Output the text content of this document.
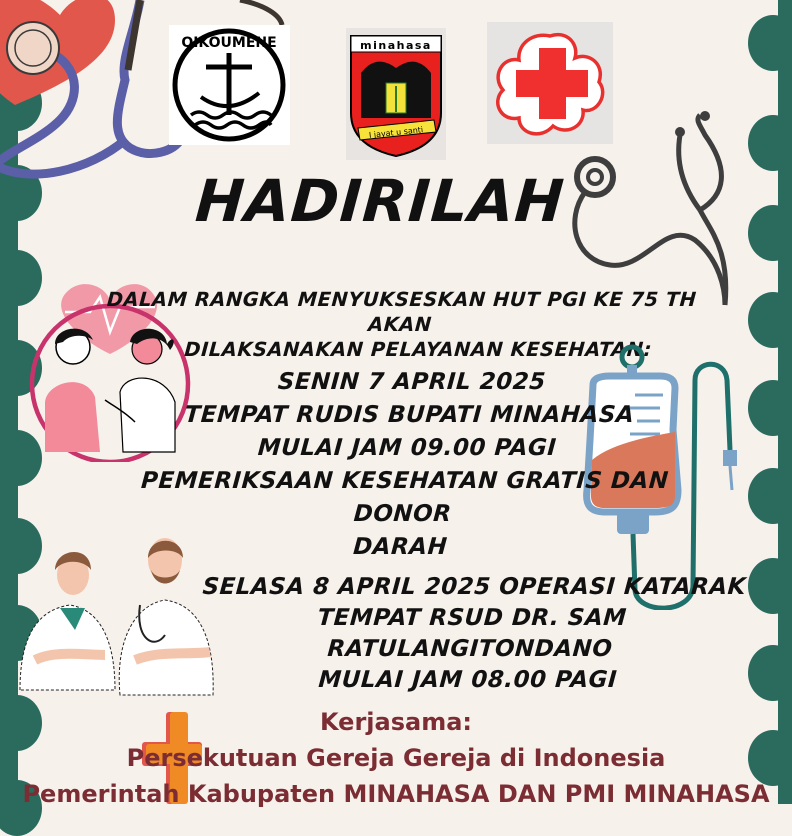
OIKOUMENE	minahasa
I jayat u santi
HADIRILAH
DALAM RANGKA MENYUKSESKAN HUT PGI KE 75 TH AKAN
DILAKSANAKAN PELAYANAN KESEHATAN:
SENIN 7 APRIL 2025
TEMPAT RUDIS BUPATI MINAHASA
MULAI JAM 09.00 PAGI
PEMERIKSAAN KESEHATAN GRATIS DAN DONOR
DARAH
SELASA 8 APRIL 2025 OPERASI KATARAK
TEMPAT RSUD DR. SAM RATULANGITONDANO
MULAI JAM 08.00 PAGI
Kerjasama:
Persekutuan Gereja Gereja di Indonesia
Pemerintah Kabupaten MINAHASA DAN PMI MINAHASA
